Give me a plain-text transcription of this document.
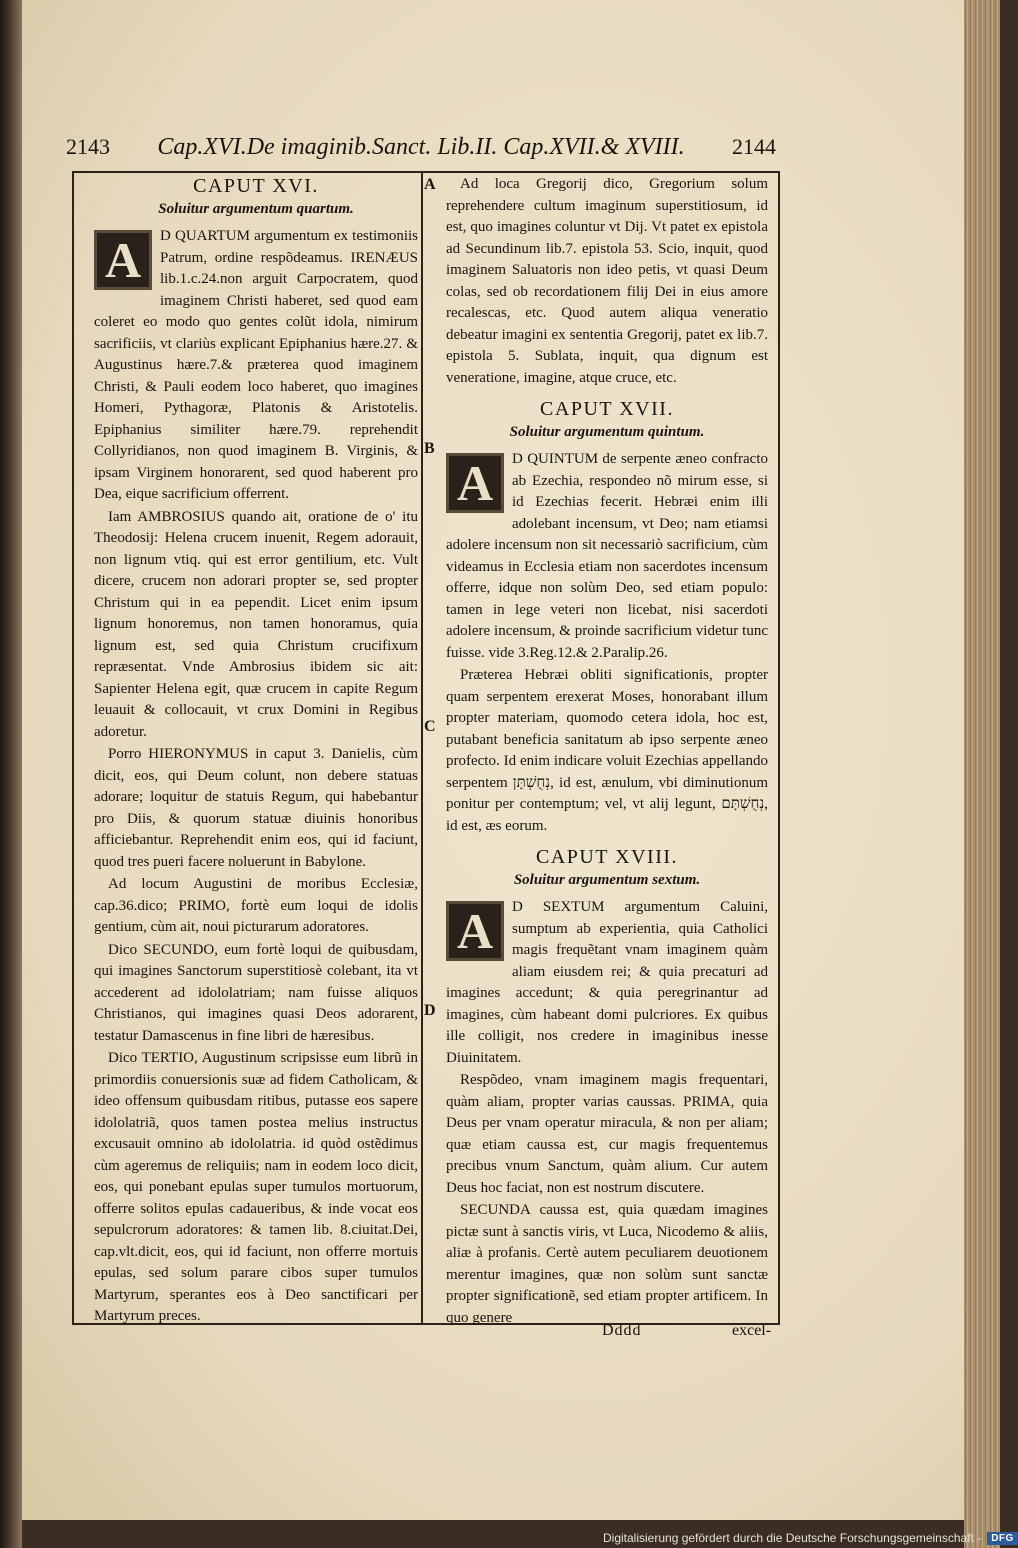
2143 Cap.XVI.De imaginib.Sanct. Lib.II. Cap.XVII.& XVIII. 2144
A
B
C
D
CAPUT XVI.
Soluitur argumentum quartum.
A	D QUARTUM argumentum ex testimoniis Patrum, ordine respõdeamus. IRENÆUS lib.1.c.24.non arguit Carpocratem, quod imaginem Christi haberet, sed quod eam coleret eo modo quo gentes colũt idola, nimirum sacrificiis, vt clariùs explicant Epiphanius hære.27. & Augustinus hære.7.& præterea quod imaginem Christi, & Pauli eodem loco haberet, quo imagines Homeri, Pythagoræ, Platonis & Aristotelis. Epiphanius similiter hære.79. reprehendit Collyridianos, non quod imaginem B. Virginis, & ipsam Virginem honorarent, sed quod haberent pro Dea, eique sacrificium offerrent.

Iam AMBROSIUS quando ait, oratione de o' itu Theodosij: Helena crucem inuenit, Regem adorauit, non lignum vtiq. qui est error gentilium, etc. Vult dicere, crucem non adorari propter se, sed propter Christum qui in ea pependit. Licet enim ipsum lignum honoremus, non tamen honoramus, quia lignum est, sed quia Christum crucifixum repræsentat. Vnde Ambrosius ibidem sic ait: Sapienter Helena egit, quæ crucem in capite Regum leuauit & collocauit, vt crux Domini in Regibus adoretur.

Porro HIERONYMUS in caput 3. Danielis, cùm dicit, eos, qui Deum colunt, non debere statuas adorare; loquitur de statuis Regum, qui habebantur pro Diis, & quorum statuæ diuinis honoribus afficiebantur. Reprehendit enim eos, qui id faciunt, quod tres pueri facere noluerunt in Babylone.

Ad locum Augustini de moribus Ecclesiæ, cap.36.dico; PRIMO, fortè eum loqui de idolis gentium, cùm ait, noui picturarum adoratores.

Dico SECUNDO, eum fortè loqui de quibusdam, qui imagines Sanctorum superstitiosè colebant, ita vt accederent ad idololatriam; nam fuisse aliquos Christianos, qui imagines quasi Deos adorarent, testatur Damascenus in fine libri de hæresibus.

Dico TERTIO, Augustinum scripsisse eum librũ in primordiis conuersionis suæ ad fidem Catholicam, & ideo offensum quibusdam ritibus, putasse eos sapere idololatriã, quos tamen postea melius instructus excusauit omnino ab idololatria. id quòd ostẽdimus cùm ageremus de reliquiis; nam in eodem loco dicit, eos, qui ponebant epulas super tumulos mortuorum, offerre solitos epulas cadaueribus, & inde vocat eos sepulcrorum adoratores: & tamen lib. 8.ciuitat.Dei, cap.vlt.dicit, eos, qui id faciunt, non offerre mortuis epulas, sed solum parare cibos super tumulos Martyrum, sperantes eos à Deo sanctificari per Martyrum preces.

Ad loca Gregorij dico, Gregorium solum reprehendere cultum imaginum superstitiosum, id est, quo imagines coluntur vt Dij. Vt patet ex epistola ad Secundinum lib.7. epistola 53. Scio, inquit, quod imaginem Saluatoris non ideo petis, vt quasi Deum colas, sed ob recordationem filij Dei in eius amore recalescas, etc. Quod autem aliqua veneratio debeatur imagini ex sententia Gregorij, patet ex lib.7. epistola 5. Sublata, inquit, qua dignum est veneratione, imagine, atque cruce, etc.

CAPUT XVII.
Soluitur argumentum quintum.
A	D QUINTUM de serpente æneo confracto ab Ezechia, respondeo nõ mirum esse, si id Ezechias fecerit. Hebræi enim illi adolebant incensum, vt Deo; nam etiamsi adolere incensum non sit necessariò sacrificium, cùm videamus in Ecclesia etiam non sacerdotes incensum offerre, idque non solùm Deo, sed etiam populo: tamen in lege veteri non licebat, nisi sacerdoti adolere incensum, & proinde sacrificium videtur tunc fuisse. vide 3.Reg.12.& 2.Paralip.26.

Præterea Hebræi obliti significationis, propter quam serpentem erexerat Moses, honorabant illum propter materiam, quomodo cetera idola, hoc est, putabant beneficia sanitatum ab ipso serpente æneo profecto. Id enim indicare voluit Ezechias appellando serpentem נְחֻשְׁתָּן, id est, ænulum, vbi diminutionum ponitur per contemptum; vel, vt alij legunt, נְחֻשְׁתָּם, id est, æs eorum.

CAPUT XVIII.
Soluitur argumentum sextum.
A	D SEXTUM argumentum Caluini, sumptum ab experientia, quia Catholici magis frequẽtant vnam imaginem quàm aliam eiusdem rei; & quia precaturi ad imagines accedunt; & quia peregrinantur ad imagines, cùm habeant domi pulcriores. Ex quibus ille colligit, nos credere in imaginibus inesse Diuinitatem.

Respõdeo, vnam imaginem magis frequentari, quàm aliam, propter varias caussas. PRIMA, quia Deus per vnam operatur miracula, & non per aliam; quæ etiam caussa est, cur magis frequentemus precibus vnum Sanctum, quàm alium. Cur autem Deus hoc faciat, non est nostrum discutere.

SECUNDA caussa est, quia quædam imagines pictæ sunt à sanctis viris, vt Luca, Nicodemo & aliis, aliæ à profanis. Certè autem peculiarem deuotionem merentur imagines, quæ non solùm sunt sanctæ propter significationẽ, sed etiam propter artificem. In quo genere

Dddd	excel-
Digitalisierung gefördert durch die Deutsche Forschungsgemeinschaft -	DFG
